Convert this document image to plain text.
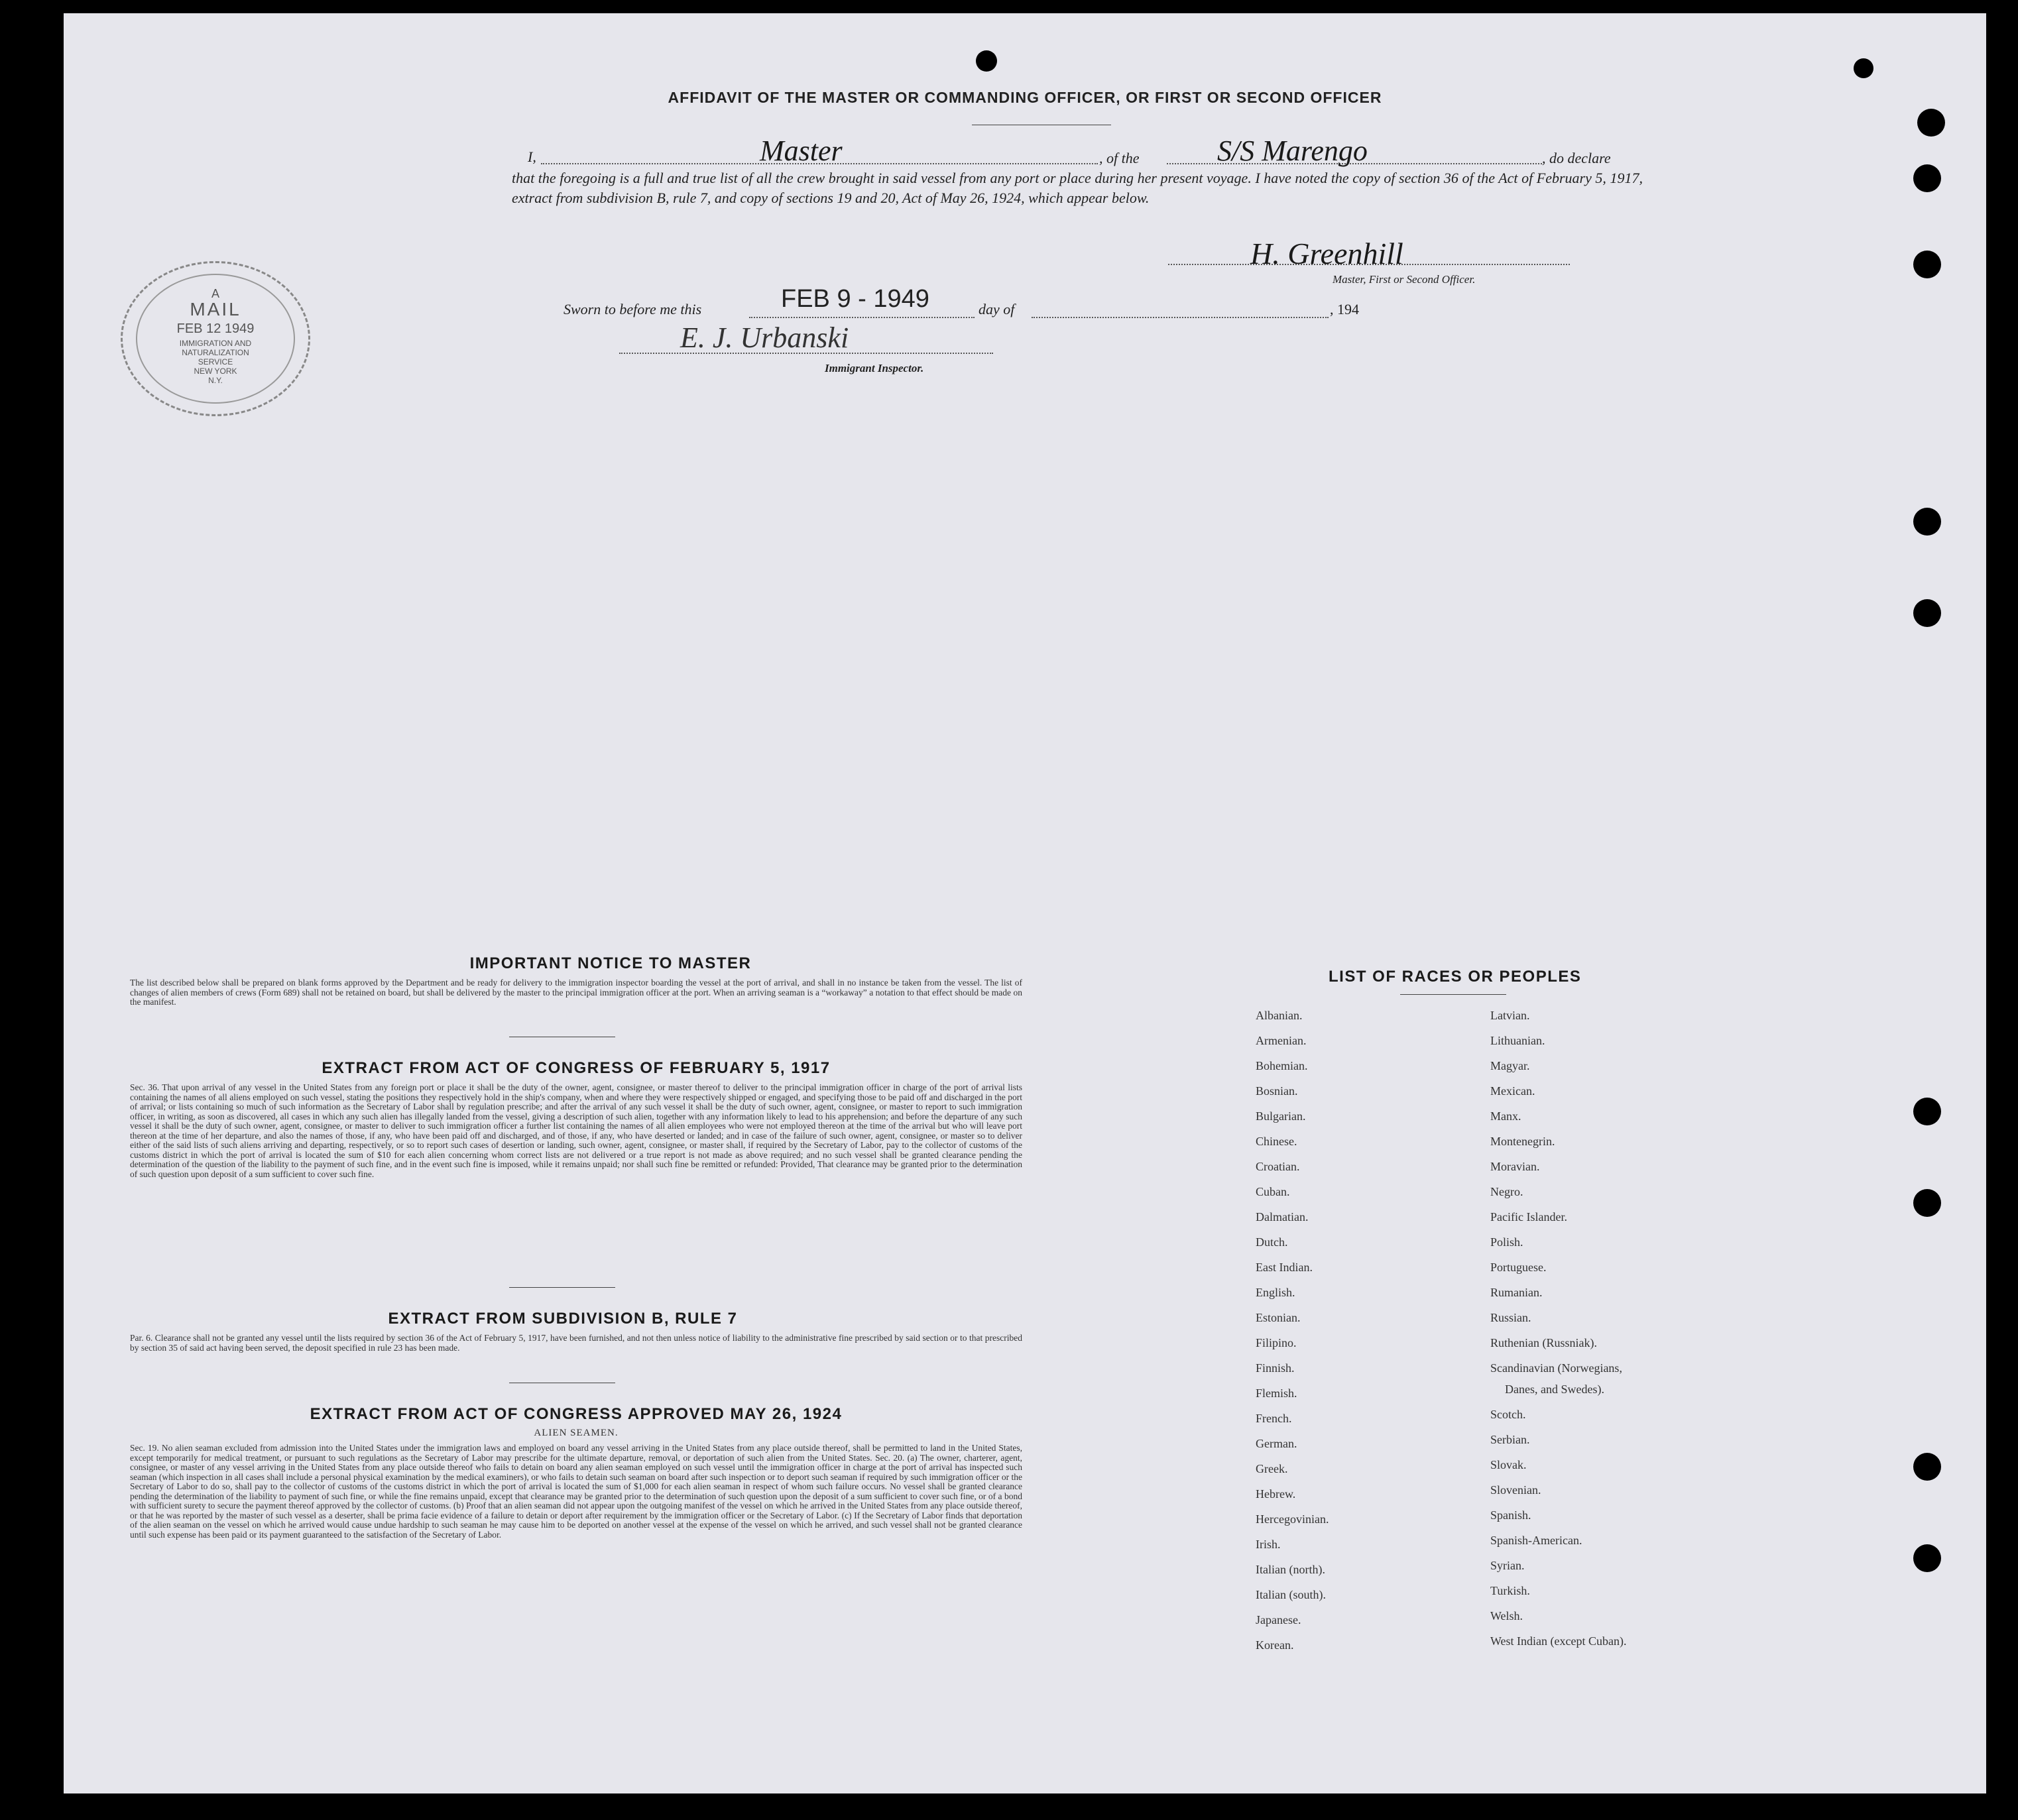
AFFIDAVIT OF THE MASTER OR COMMANDING OFFICER, OR FIRST OR SECOND OFFICER
I,	Master	, of the	S/S Marengo	, do declare
that the foregoing is a full and true list of all the crew brought in said vessel from any port or place during her present voyage. I have noted the copy of section 36 of the Act of February 5, 1917, extract from subdivision B, rule 7, and copy of sections 19 and 20, Act of May 26, 1924, which appear below.
H. Greenhill
Master, First or Second Officer.
Sworn to before me this	FEB 9 - 1949	day of	, 194
E. J. Urbanski
Immigrant Inspector.
A
MAIL
FEB 12 1949
IMMIGRATION AND
NATURALIZATION
SERVICE
NEW YORK
N.Y.
IMPORTANT NOTICE TO MASTER
The list described below shall be prepared on blank forms approved by the Department and be ready for delivery to the immigration inspector boarding the vessel at the port of arrival, and shall in no instance be taken from the vessel. The list of changes of alien members of crews (Form 689) shall not be retained on board, but shall be delivered by the master to the principal immigration officer at the port. When an arriving seaman is a “workaway” a notation to that effect should be made on the manifest.
EXTRACT FROM ACT OF CONGRESS OF FEBRUARY 5, 1917
Sec. 36. That upon arrival of any vessel in the United States from any foreign port or place it shall be the duty of the owner, agent, consignee, or master thereof to deliver to the principal immigration officer in charge of the port of arrival lists containing the names of all aliens employed on such vessel, stating the positions they respectively hold in the ship's company, when and where they were respectively shipped or engaged, and specifying those to be paid off and discharged in the port of arrival; or lists containing so much of such information as the Secretary of Labor shall by regulation prescribe; and after the arrival of any such vessel it shall be the duty of such owner, agent, consignee, or master to report to such immigration officer, in writing, as soon as discovered, all cases in which any such alien has illegally landed from the vessel, giving a description of such alien, together with any information likely to lead to his apprehension; and before the departure of any such vessel it shall be the duty of such owner, agent, consignee, or master to deliver to such immigration officer a further list containing the names of all alien employees who were not employed thereon at the time of the arrival but who will leave port thereon at the time of her departure, and also the names of those, if any, who have been paid off and discharged, and of those, if any, who have deserted or landed; and in case of the failure of such owner, agent, consignee, or master so to deliver either of the said lists of such aliens arriving and departing, respectively, or so to report such cases of desertion or landing, such owner, agent, consignee, or master shall, if required by the Secretary of Labor, pay to the collector of customs of the customs district in which the port of arrival is located the sum of $10 for each alien concerning whom correct lists are not delivered or a true report is not made as above required; and no such vessel shall be granted clearance pending the determination of the question of the liability to the payment of such fine, and in the event such fine is imposed, while it remains unpaid; nor shall such fine be remitted or refunded: Provided, That clearance may be granted prior to the determination of such question upon deposit of a sum sufficient to cover such fine.
EXTRACT FROM SUBDIVISION B, RULE 7
Par. 6. Clearance shall not be granted any vessel until the lists required by section 36 of the Act of February 5, 1917, have been furnished, and not then unless notice of liability to the administrative fine prescribed by said section or to that prescribed by section 35 of said act having been served, the deposit specified in rule 23 has been made.
EXTRACT FROM ACT OF CONGRESS APPROVED MAY 26, 1924
ALIEN SEAMEN.
Sec. 19. No alien seaman excluded from admission into the United States under the immigration laws and employed on board any vessel arriving in the United States from any place outside thereof, shall be permitted to land in the United States, except temporarily for medical treatment, or pursuant to such regulations as the Secretary of Labor may prescribe for the ultimate departure, removal, or deportation of such alien from the United States. Sec. 20. (a) The owner, charterer, agent, consignee, or master of any vessel arriving in the United States from any place outside thereof who fails to detain on board any alien seaman employed on such vessel until the immigration officer in charge at the port of arrival has inspected such seaman (which inspection in all cases shall include a personal physical examination by the medical examiners), or who fails to detain such seaman on board after such inspection or to deport such seaman if required by such immigration officer or the Secretary of Labor to do so, shall pay to the collector of customs of the customs district in which the port of arrival is located the sum of $1,000 for each alien seaman in respect of whom such failure occurs. No vessel shall be granted clearance pending the determination of the liability to payment of such fine, or while the fine remains unpaid, except that clearance may be granted prior to the determination of such question upon the deposit of a sum sufficient to cover such fine, or of a bond with sufficient surety to secure the payment thereof approved by the collector of customs. (b) Proof that an alien seaman did not appear upon the outgoing manifest of the vessel on which he arrived in the United States from any place outside thereof, or that he was reported by the master of such vessel as a deserter, shall be prima facie evidence of a failure to detain or deport after requirement by the immigration officer or the Secretary of Labor. (c) If the Secretary of Labor finds that deportation of the alien seaman on the vessel on which he arrived would cause undue hardship to such seaman he may cause him to be deported on another vessel at the expense of the vessel on which he arrived, and such vessel shall not be granted clearance until such expense has been paid or its payment guaranteed to the satisfaction of the Secretary of Labor.
LIST OF RACES OR PEOPLES
Albanian.
Armenian.
Bohemian.
Bosnian.
Bulgarian.
Chinese.
Croatian.
Cuban.
Dalmatian.
Dutch.
East Indian.
English.
Estonian.
Filipino.
Finnish.
Flemish.
French.
German.
Greek.
Hebrew.
Hercegovinian.
Irish.
Italian (north).
Italian (south).
Japanese.
Korean.
Latvian.
Lithuanian.
Magyar.
Mexican.
Manx.
Montenegrin.
Moravian.
Negro.
Pacific Islander.
Polish.
Portuguese.
Rumanian.
Russian.
Ruthenian (Russniak).
Scandinavian (Norwegians,
Danes, and Swedes).
Scotch.
Serbian.
Slovak.
Slovenian.
Spanish.
Spanish-American.
Syrian.
Turkish.
Welsh.
West Indian (except Cuban).
